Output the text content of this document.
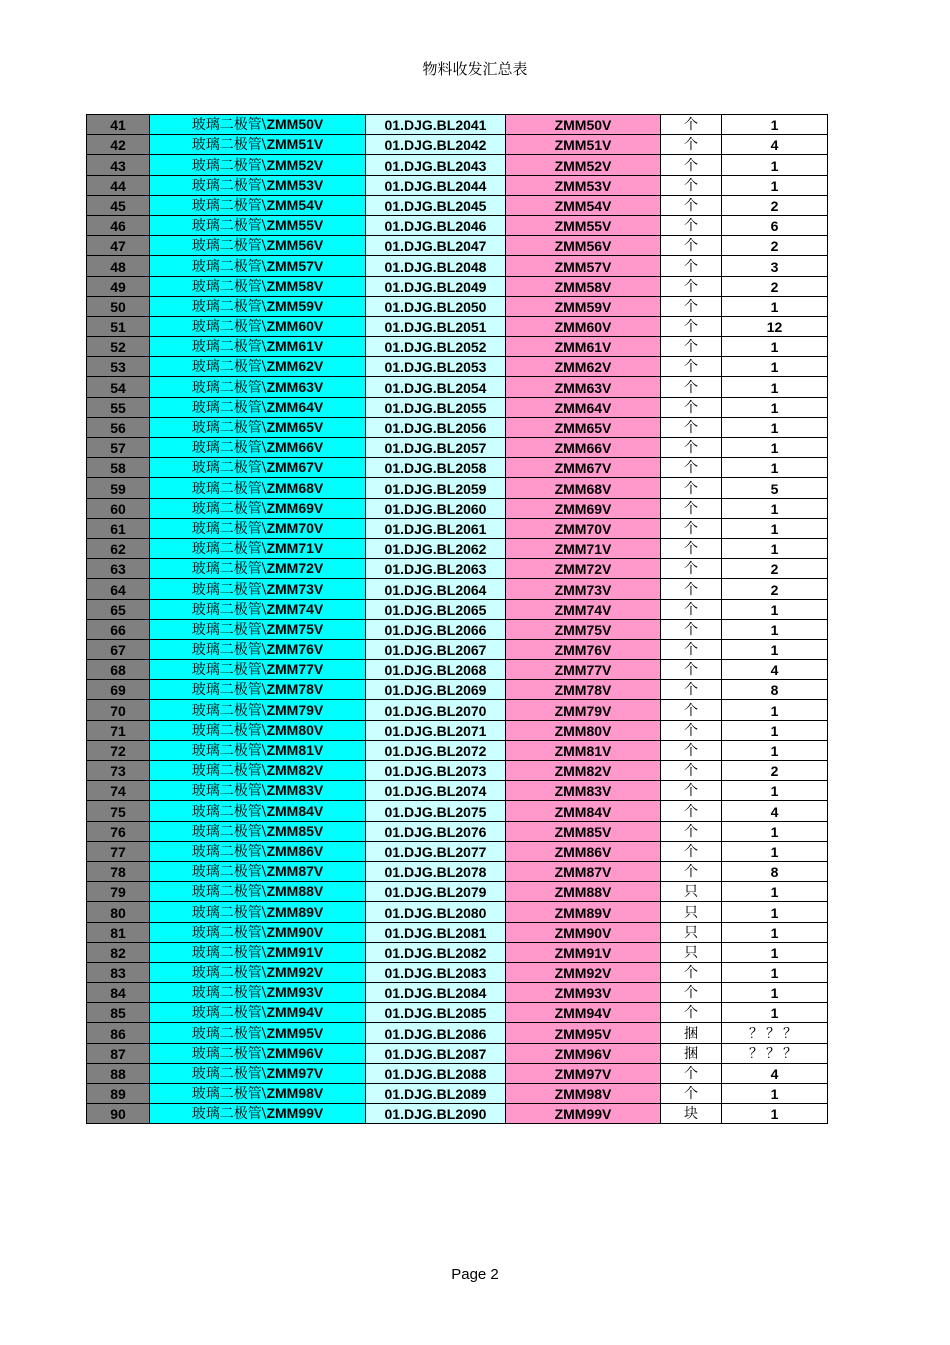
物料收发汇总表
41	玻璃二极管\ZMM50V	01.DJG.BL2041	ZMM50V	个	1
42	玻璃二极管\ZMM51V	01.DJG.BL2042	ZMM51V	个	4
43	玻璃二极管\ZMM52V	01.DJG.BL2043	ZMM52V	个	1
44	玻璃二极管\ZMM53V	01.DJG.BL2044	ZMM53V	个	1
45	玻璃二极管\ZMM54V	01.DJG.BL2045	ZMM54V	个	2
46	玻璃二极管\ZMM55V	01.DJG.BL2046	ZMM55V	个	6
47	玻璃二极管\ZMM56V	01.DJG.BL2047	ZMM56V	个	2
48	玻璃二极管\ZMM57V	01.DJG.BL2048	ZMM57V	个	3
49	玻璃二极管\ZMM58V	01.DJG.BL2049	ZMM58V	个	2
50	玻璃二极管\ZMM59V	01.DJG.BL2050	ZMM59V	个	1
51	玻璃二极管\ZMM60V	01.DJG.BL2051	ZMM60V	个	12
52	玻璃二极管\ZMM61V	01.DJG.BL2052	ZMM61V	个	1
53	玻璃二极管\ZMM62V	01.DJG.BL2053	ZMM62V	个	1
54	玻璃二极管\ZMM63V	01.DJG.BL2054	ZMM63V	个	1
55	玻璃二极管\ZMM64V	01.DJG.BL2055	ZMM64V	个	1
56	玻璃二极管\ZMM65V	01.DJG.BL2056	ZMM65V	个	1
57	玻璃二极管\ZMM66V	01.DJG.BL2057	ZMM66V	个	1
58	玻璃二极管\ZMM67V	01.DJG.BL2058	ZMM67V	个	1
59	玻璃二极管\ZMM68V	01.DJG.BL2059	ZMM68V	个	5
60	玻璃二极管\ZMM69V	01.DJG.BL2060	ZMM69V	个	1
61	玻璃二极管\ZMM70V	01.DJG.BL2061	ZMM70V	个	1
62	玻璃二极管\ZMM71V	01.DJG.BL2062	ZMM71V	个	1
63	玻璃二极管\ZMM72V	01.DJG.BL2063	ZMM72V	个	2
64	玻璃二极管\ZMM73V	01.DJG.BL2064	ZMM73V	个	2
65	玻璃二极管\ZMM74V	01.DJG.BL2065	ZMM74V	个	1
66	玻璃二极管\ZMM75V	01.DJG.BL2066	ZMM75V	个	1
67	玻璃二极管\ZMM76V	01.DJG.BL2067	ZMM76V	个	1
68	玻璃二极管\ZMM77V	01.DJG.BL2068	ZMM77V	个	4
69	玻璃二极管\ZMM78V	01.DJG.BL2069	ZMM78V	个	8
70	玻璃二极管\ZMM79V	01.DJG.BL2070	ZMM79V	个	1
71	玻璃二极管\ZMM80V	01.DJG.BL2071	ZMM80V	个	1
72	玻璃二极管\ZMM81V	01.DJG.BL2072	ZMM81V	个	1
73	玻璃二极管\ZMM82V	01.DJG.BL2073	ZMM82V	个	2
74	玻璃二极管\ZMM83V	01.DJG.BL2074	ZMM83V	个	1
75	玻璃二极管\ZMM84V	01.DJG.BL2075	ZMM84V	个	4
76	玻璃二极管\ZMM85V	01.DJG.BL2076	ZMM85V	个	1
77	玻璃二极管\ZMM86V	01.DJG.BL2077	ZMM86V	个	1
78	玻璃二极管\ZMM87V	01.DJG.BL2078	ZMM87V	个	8
79	玻璃二极管\ZMM88V	01.DJG.BL2079	ZMM88V	只	1
80	玻璃二极管\ZMM89V	01.DJG.BL2080	ZMM89V	只	1
81	玻璃二极管\ZMM90V	01.DJG.BL2081	ZMM90V	只	1
82	玻璃二极管\ZMM91V	01.DJG.BL2082	ZMM91V	只	1
83	玻璃二极管\ZMM92V	01.DJG.BL2083	ZMM92V	个	1
84	玻璃二极管\ZMM93V	01.DJG.BL2084	ZMM93V	个	1
85	玻璃二极管\ZMM94V	01.DJG.BL2085	ZMM94V	个	1
86	玻璃二极管\ZMM95V	01.DJG.BL2086	ZMM95V	捆	？？？
87	玻璃二极管\ZMM96V	01.DJG.BL2087	ZMM96V	捆	？？？
88	玻璃二极管\ZMM97V	01.DJG.BL2088	ZMM97V	个	4
89	玻璃二极管\ZMM98V	01.DJG.BL2089	ZMM98V	个	1
90	玻璃二极管\ZMM99V	01.DJG.BL2090	ZMM99V	块	1
Page 2
